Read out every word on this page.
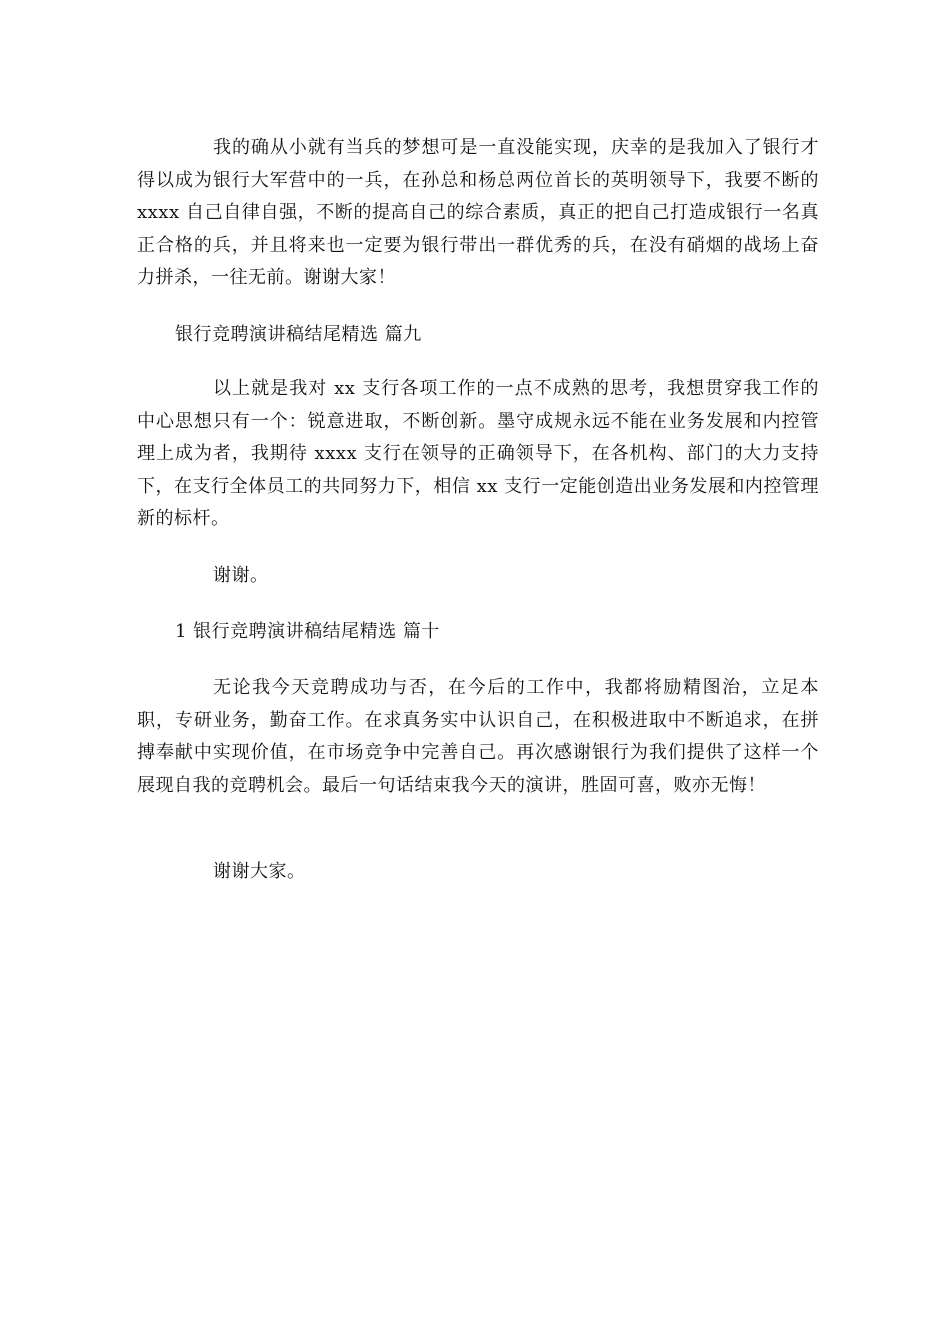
我的确从小就有当兵的梦想可是一直没能实现，庆幸的是我加入了银行才得以成为银行大军营中的一兵，在孙总和杨总两位首长的英明领导下，我要不断的 xxxx 自己自律自强，不断的提高自己的综合素质，真正的把自己打造成银行一名真正合格的兵，并且将来也一定要为银行带出一群优秀的兵，在没有硝烟的战场上奋力拼杀，一往无前。谢谢大家！

银行竞聘演讲稿结尾精选 篇九

以上就是我对 xx 支行各项工作的一点不成熟的思考，我想贯穿我工作的中心思想只有一个：锐意进取，不断创新。墨守成规永远不能在业务发展和内控管理上成为者，我期待 xxxx 支行在领导的正确领导下，在各机构、部门的大力支持下，在支行全体员工的共同努力下，相信 xx 支行一定能创造出业务发展和内控管理新的标杆。

谢谢。

1 银行竞聘演讲稿结尾精选 篇十

无论我今天竞聘成功与否，在今后的工作中，我都将励精图治，立足本职，专研业务，勤奋工作。在求真务实中认识自己，在积极进取中不断追求，在拼搏奉献中实现价值，在市场竞争中完善自己。再次感谢银行为我们提供了这样一个展现自我的竞聘机会。最后一句话结束我今天的演讲，胜固可喜，败亦无悔！

谢谢大家。
